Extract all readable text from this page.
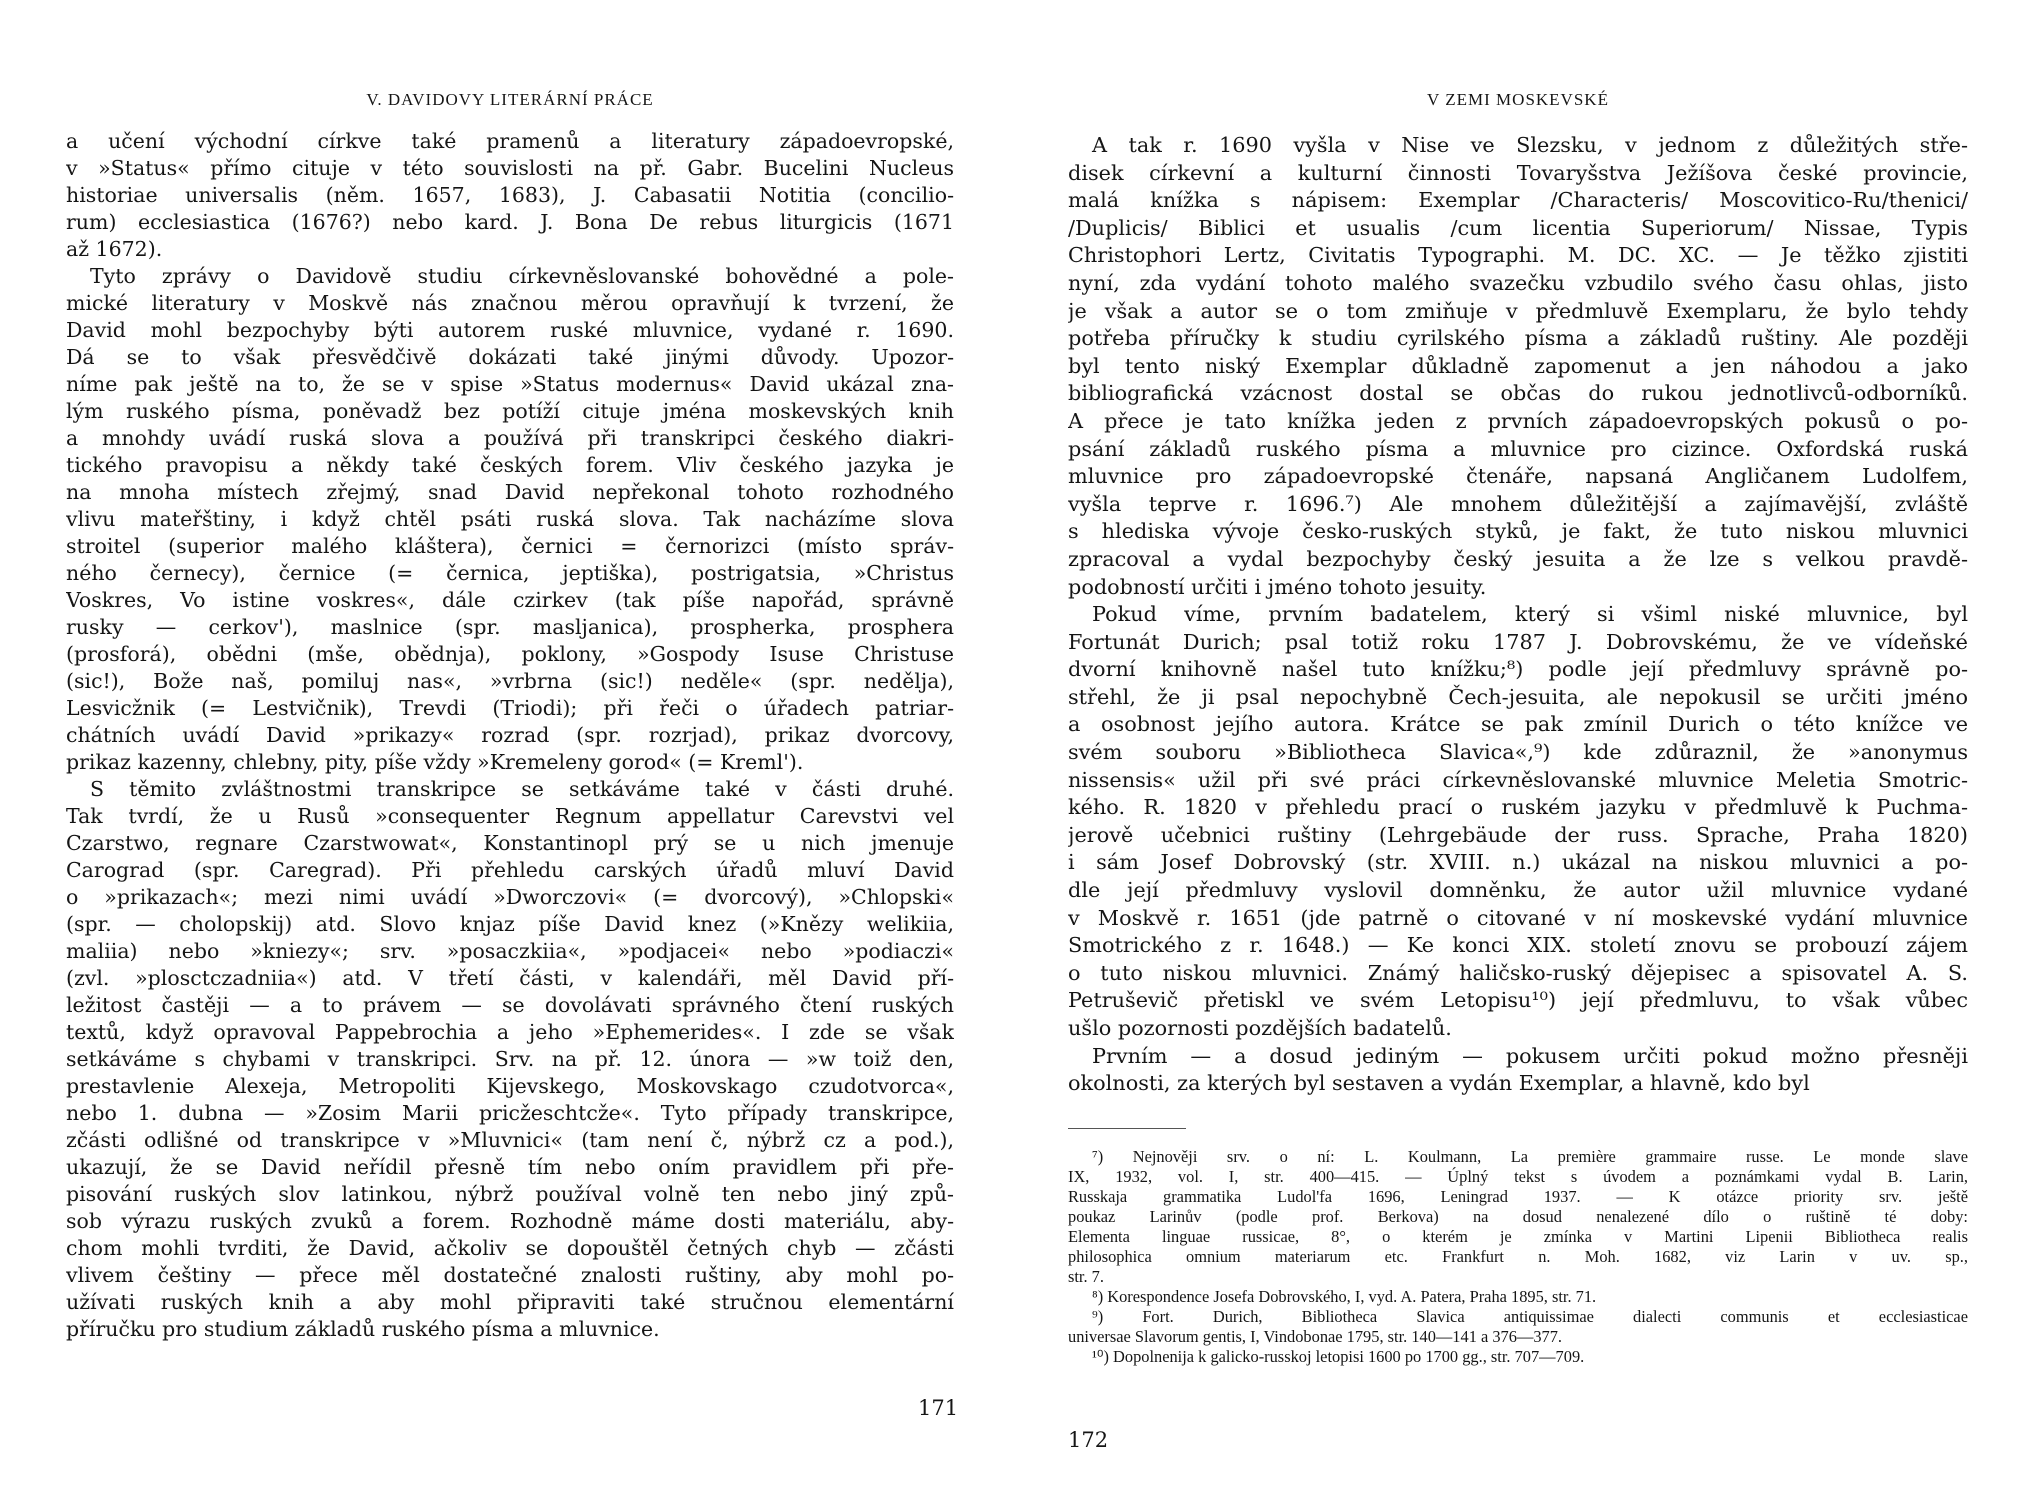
V. DAVIDOVY LITERÁRNÍ PRÁCE
a učení východní církve také pramenů a literatury západoevropské,
v »Status« přímo cituje v této souvislosti na př. Gabr. Bucelini Nucleus
historiae universalis (něm. 1657, 1683), J. Cabasatii Notitia (concilio-
rum) ecclesiastica (1676?) nebo kard. J. Bona De rebus liturgicis (1671
až 1672).
Tyto zprávy o Davidově studiu církevněslovanské bohovědné a pole-
mické literatury v Moskvě nás značnou měrou opravňují k tvrzení, že
David mohl bezpochyby býti autorem ruské mluvnice, vydané r. 1690.
Dá se to však přesvědčivě dokázati také jinými důvody. Upozor-
níme pak ještě na to, že se v spise »Status modernus« David ukázal zna-
lým ruského písma, poněvadž bez potíží cituje jména moskevských knih
a mnohdy uvádí ruská slova a používá při transkripci českého diakri-
tického pravopisu a někdy také českých forem. Vliv českého jazyka je
na mnoha místech zřejmý, snad David nepřekonal tohoto rozhodného
vlivu mateřštiny, i když chtěl psáti ruská slova. Tak nacházíme slova
stroitel (superior malého kláštera), černici = černorizci (místo správ-
ného černecy), černice (= černica, jeptiška), postrigatsia, »Christus
Voskres, Vo istine voskres«, dále czirkev (tak píše napořád, správně
rusky — cerkov'), maslnice (spr. masljanica), prospherka, prosphera
(prosforá), obědni (mše, obědnja), poklony, »Gospody Isuse Christuse
(sic!), Bože naš, pomiluj nas«, »vrbrna (sic!) neděle« (spr. nedělja),
Lesvicžnik (= Lestvičnik), Trevdi (Triodi); při řeči o úřadech patriar-
chátních uvádí David »prikazy« rozrad (spr. rozrjad), prikaz dvorcovy,
prikaz kazenny, chlebny, pity, píše vždy »Kremeleny gorod« (= Kreml').
S těmito zvláštnostmi transkripce se setkáváme také v části druhé.
Tak tvrdí, že u Rusů »consequenter Regnum appellatur Carevstvi vel
Czarstwo, regnare Czarstwowat«, Konstantinopl prý se u nich jmenuje
Carograd (spr. Caregrad). Při přehledu carských úřadů mluví David
o »prikazach«; mezi nimi uvádí »Dworczovi« (= dvorcový), »Chlopski«
(spr. — cholopskij) atd. Slovo knjaz píše David knez (»Knězy welikiia,
maliia) nebo »kniezy«; srv. »posaczkiia«, »podjacei« nebo »podiaczi«
(zvl. »plosctczadniia«) atd. V třetí části, v kalendáři, měl David pří-
ležitost častěji — a to právem — se dovolávati správného čtení ruských
textů, když opravoval Pappebrochia a jeho »Ephemerides«. I zde se však
setkáváme s chybami v transkripci. Srv. na př. 12. února — »w toiž den,
prestavlenie Alexeja, Metropoliti Kijevskego, Moskovskago czudotvorca«,
nebo 1. dubna — »Zosim Marii pricžeschtcže«. Tyto případy transkripce,
zčásti odlišné od transkripce v »Mluvnici« (tam není č, nýbrž cz a pod.),
ukazují, že se David neřídil přesně tím nebo oním pravidlem při pře-
pisování ruských slov latinkou, nýbrž používal volně ten nebo jiný způ-
sob výrazu ruských zvuků a forem. Rozhodně máme dosti materiálu, aby-
chom mohli tvrditi, že David, ačkoliv se dopouštěl četných chyb — zčásti
vlivem češtiny — přece měl dostatečné znalosti ruštiny, aby mohl po-
užívati ruských knih a aby mohl připraviti také stručnou elementární
příručku pro studium základů ruského písma a mluvnice.
171
V ZEMI MOSKEVSKÉ
A tak r. 1690 vyšla v Nise ve Slezsku, v jednom z důležitých stře-
disek církevní a kulturní činnosti Tovaryšstva Ježíšova české provincie,
malá knížka s nápisem: Exemplar /Characteris/ Moscovitico-Ru/thenici/
/Duplicis/ Biblici et usualis /cum licentia Superiorum/ Nissae, Typis
Christophori Lertz, Civitatis Typographi. M. DC. XC. — Je těžko zjistiti
nyní, zda vydání tohoto malého svazečku vzbudilo svého času ohlas, jisto
je však a autor se o tom zmiňuje v předmluvě Exemplaru, že bylo tehdy
potřeba příručky k studiu cyrilského písma a základů ruštiny. Ale později
byl tento niský Exemplar důkladně zapomenut a jen náhodou a jako
bibliografická vzácnost dostal se občas do rukou jednotlivců-odborníků.
A přece je tato knížka jeden z prvních západoevropských pokusů o po-
psání základů ruského písma a mluvnice pro cizince. Oxfordská ruská
mluvnice pro západoevropské čtenáře, napsaná Angličanem Ludolfem,
vyšla teprve r. 1696.⁷) Ale mnohem důležitější a zajímavější, zvláště
s hlediska vývoje česko-ruských styků, je fakt, že tuto niskou mluvnici
zpracoval a vydal bezpochyby český jesuita a že lze s velkou pravdě-
podobností určiti i jméno tohoto jesuity.
Pokud víme, prvním badatelem, který si všiml niské mluvnice, byl
Fortunát Durich; psal totiž roku 1787 J. Dobrovskému, že ve vídeňské
dvorní knihovně našel tuto knížku;⁸) podle její předmluvy správně po-
střehl, že ji psal nepochybně Čech-jesuita, ale nepokusil se určiti jméno
a osobnost jejího autora. Krátce se pak zmínil Durich o této knížce ve
svém souboru »Bibliotheca Slavica«,⁹) kde zdůraznil, že »anonymus
nissensis« užil při své práci církevněslovanské mluvnice Meletia Smotric-
kého. R. 1820 v přehledu prací o ruském jazyku v předmluvě k Puchma-
jerově učebnici ruštiny (Lehrgebäude der russ. Sprache, Praha 1820)
i sám Josef Dobrovský (str. XVIII. n.) ukázal na niskou mluvnici a po-
dle její předmluvy vyslovil domněnku, že autor užil mluvnice vydané
v Moskvě r. 1651 (jde patrně o citované v ní moskevské vydání mluvnice
Smotrického z r. 1648.) — Ke konci XIX. století znovu se probouzí zájem
o tuto niskou mluvnici. Známý haličsko-ruský dějepisec a spisovatel A. S.
Petruševič přetiskl ve svém Letopisu¹⁰) její předmluvu, to však vůbec
ušlo pozornosti pozdějších badatelů.
Prvním — a dosud jediným — pokusem určiti pokud možno přesněji
okolnosti, za kterých byl sestaven a vydán Exemplar, a hlavně, kdo byl
⁷) Nejnověji srv. o ní: L. Koulmann, La première grammaire russe. Le monde slave
IX, 1932, vol. I, str. 400—415. — Úplný tekst s úvodem a poznámkami vydal B. Larin,
Russkaja grammatika Ludol'fa 1696, Leningrad 1937. — K otázce priority srv. ještě
poukaz Larinův (podle prof. Berkova) na dosud nenalezené dílo o ruštině té doby:
Elementa linguae russicae, 8°, o kterém je zmínka v Martini Lipenii Bibliotheca realis
philosophica omnium materiarum etc. Frankfurt n. Moh. 1682, viz Larin v uv. sp.,
str. 7.
⁸) Korespondence Josefa Dobrovského, I, vyd. A. Patera, Praha 1895, str. 71.
⁹) Fort. Durich, Bibliotheca Slavica antiquissimae dialecti communis et ecclesiasticae
universae Slavorum gentis, I, Vindobonae 1795, str. 140—141 a 376—377.
¹⁰) Dopolnenija k galicko-russkoj letopisi 1600 po 1700 gg., str. 707—709.
172
